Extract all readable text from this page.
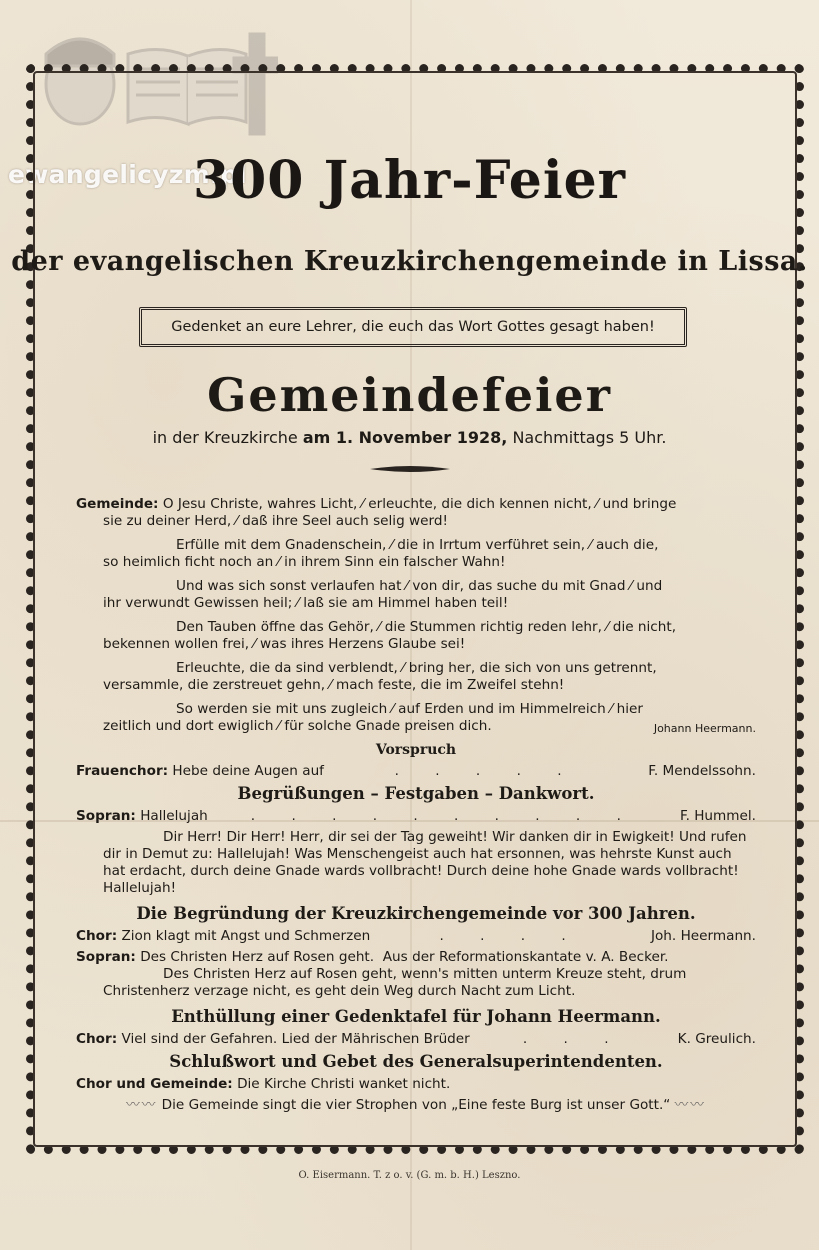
ewangelicyzm.pl
300 Jahr-Feier
der evangelischen Kreuzkirchengemeinde in Lissa.
Gedenket an eure Lehrer, die euch das Wort Gottes gesagt haben!
Gemeindefeier
in der Kreuzkirche am 1. November 1928, Nachmittags 5 Uhr.

Gemeinde: O Jesu Christe, wahres Licht, ⁄ erleuchte, die dich kennen nicht, ⁄ und bringe

sie zu deiner Herd, ⁄ daß ihre Seel auch selig werd!

Erfülle mit dem Gnadenschein, ⁄ die in Irrtum verführet sein, ⁄ auch die,

so heimlich ficht noch an ⁄ in ihrem Sinn ein falscher Wahn!

Und was sich sonst verlaufen hat ⁄ von dir, das suche du mit Gnad ⁄ und

ihr verwundt Gewissen heil; ⁄ laß sie am Himmel haben teil!

Den Tauben öffne das Gehör, ⁄ die Stummen richtig reden lehr, ⁄ die nicht,

bekennen wollen frei, ⁄ was ihres Herzens Glaube sei!

Erleuchte, die da sind verblendt, ⁄ bring her, die sich von uns getrennt,

versammle, die zerstreuet gehn, ⁄ mach feste, die im Zweifel stehn!

So werden sie mit uns zugleich ⁄ auf Erden und im Himmelreich ⁄ hier

zeitlich und dort ewiglich ⁄ für solche Gnade preisen dich.	Johann Heermann.

Vorspruch
Frauenchor: Hebe deine Augen auf	. . . . .	F. Mendelssohn.
Begrüßungen – Festgaben – Dankwort.
Sopran: Hallelujah	. . . . . . . . . .	F. Hummel.
Dir Herr! Dir Herr! Herr, dir sei der Tag geweiht! Wir danken dir in Ewigkeit! Und rufen dir in Demut zu: Hallelujah! Was Menschengeist auch hat ersonnen, was hehrste Kunst auch hat erdacht, durch deine Gnade wards vollbracht! Durch deine hohe Gnade wards vollbracht! Hallelujah!
Die Begründung der Kreuzkirchengemeinde vor 300 Jahren.
Chor: Zion klagt mit Angst und Schmerzen	. . . .	Joh. Heermann.
Sopran: Des Christen Herz auf Rosen geht. Aus der Reformationskantate v. A. Becker.
Des Christen Herz auf Rosen geht, wenn's mitten unterm Kreuze steht, drum Christenherz verzage nicht, es geht dein Weg durch Nacht zum Licht.
Enthüllung einer Gedenktafel für Johann Heermann.
Chor: Viel sind der Gefahren. Lied der Mährischen Brüder	. . .	K. Greulich.
Schlußwort und Gebet des Generalsuperintendenten.
Chor und Gemeinde: Die Kirche Christi wanket nicht.
〰〰 Die Gemeinde singt die vier Strophen von „Eine feste Burg ist unser Gott.“ 〰〰
O. Eisermann. T. z o. v. (G. m. b. H.) Leszno.
